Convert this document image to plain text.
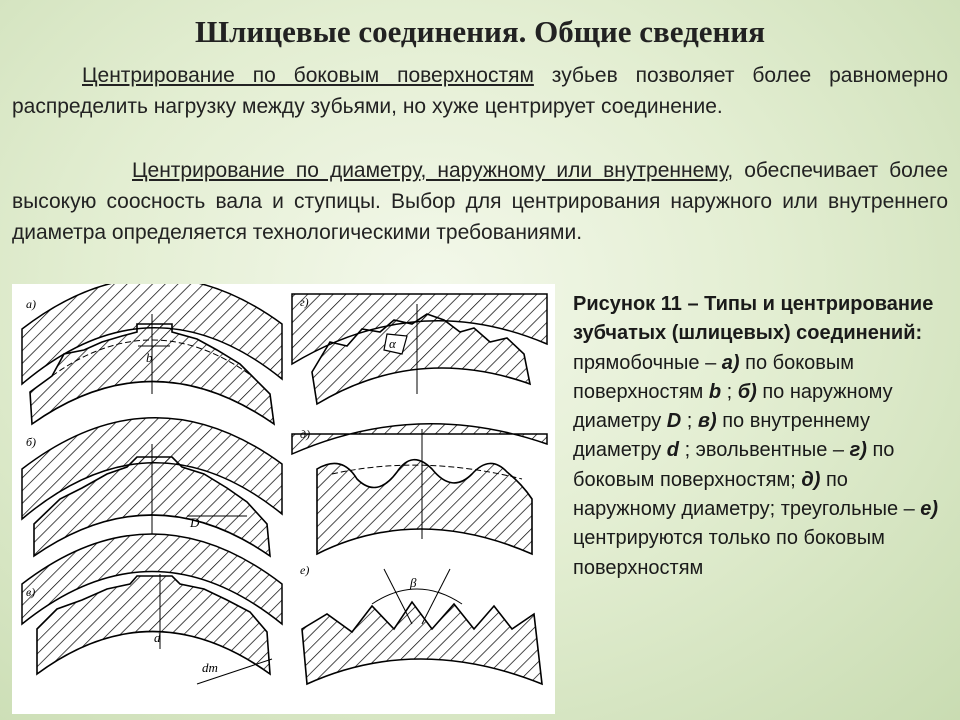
Шлицевые соединения. Общие сведения
Центрирование по боковым поверхностям зубьев позволяет более равномерно распределить нагрузку между зубьями, но хуже центрирует соединение.
Центрирование по диаметру, наружному или внутреннему, обеспечивает более высокую соосность вала и ступицы. Выбор для центрирования наружного или внутреннего диаметра определяется технологическими требованиями.
а)
b
б)
D
в)
d
dm
г)
α
д)
е)
β
Рисунок 11 – Типы и центрирование зубчатых (шлицевых) соединений:
прямобочные – а) по боковым поверхностям b ; б) по наружному диаметру D ; в) по внутреннему диаметру d ; эвольвентные – г) по боковым поверхностям; д) по наружному диаметру; треугольные – е) центрируются только по боковым поверхностям
